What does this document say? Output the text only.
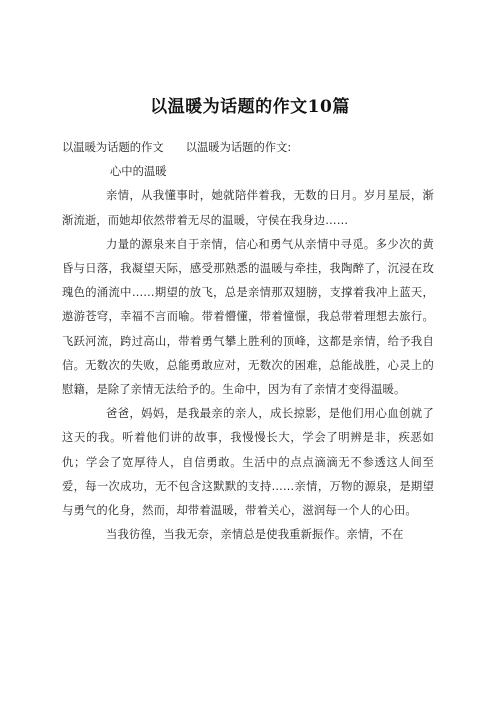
以温暖为话题的作文10篇

以温暖为话题的作文 以温暖为话题的作文:

心中的温暖

亲情，从我懂事时，她就陪伴着我，无数的日月。岁月星辰，渐渐流逝，而她却依然带着无尽的温暖，守侯在我身边……

力量的源泉来自于亲情，信心和勇气从亲情中寻觅。多少次的黄昏与日落，我凝望天际，感受那熟悉的温暖与牵挂，我陶醉了，沉浸在玫瑰色的涌流中……期望的放飞，总是亲情那双翅膀，支撑着我冲上蓝天，遨游苍穹，幸福不言而喻。带着懵懂，带着憧憬，我总带着理想去旅行。飞跃河流，跨过高山，带着勇气攀上胜利的顶峰，这都是亲情，给予我自信。无数次的失败，总能勇敢应对，无数次的困难，总能战胜，心灵上的慰籍，是除了亲情无法给予的。生命中，因为有了亲情才变得温暖。

爸爸，妈妈，是我最亲的亲人，成长掠影，是他们用心血创就了这天的我。听着他们讲的故事，我慢慢长大，学会了明辨是非，疾恶如仇；学会了宽厚待人，自信勇敢。生活中的点点滴滴无不参透这人间至爱，每一次成功，无不包含这默默的支持……亲情，万物的源泉，是期望与勇气的化身，然而，却带着温暖，带着关心，滋润每一个人的心田。

当我彷徨，当我无奈，亲情总是使我重新振作。亲情，不在
